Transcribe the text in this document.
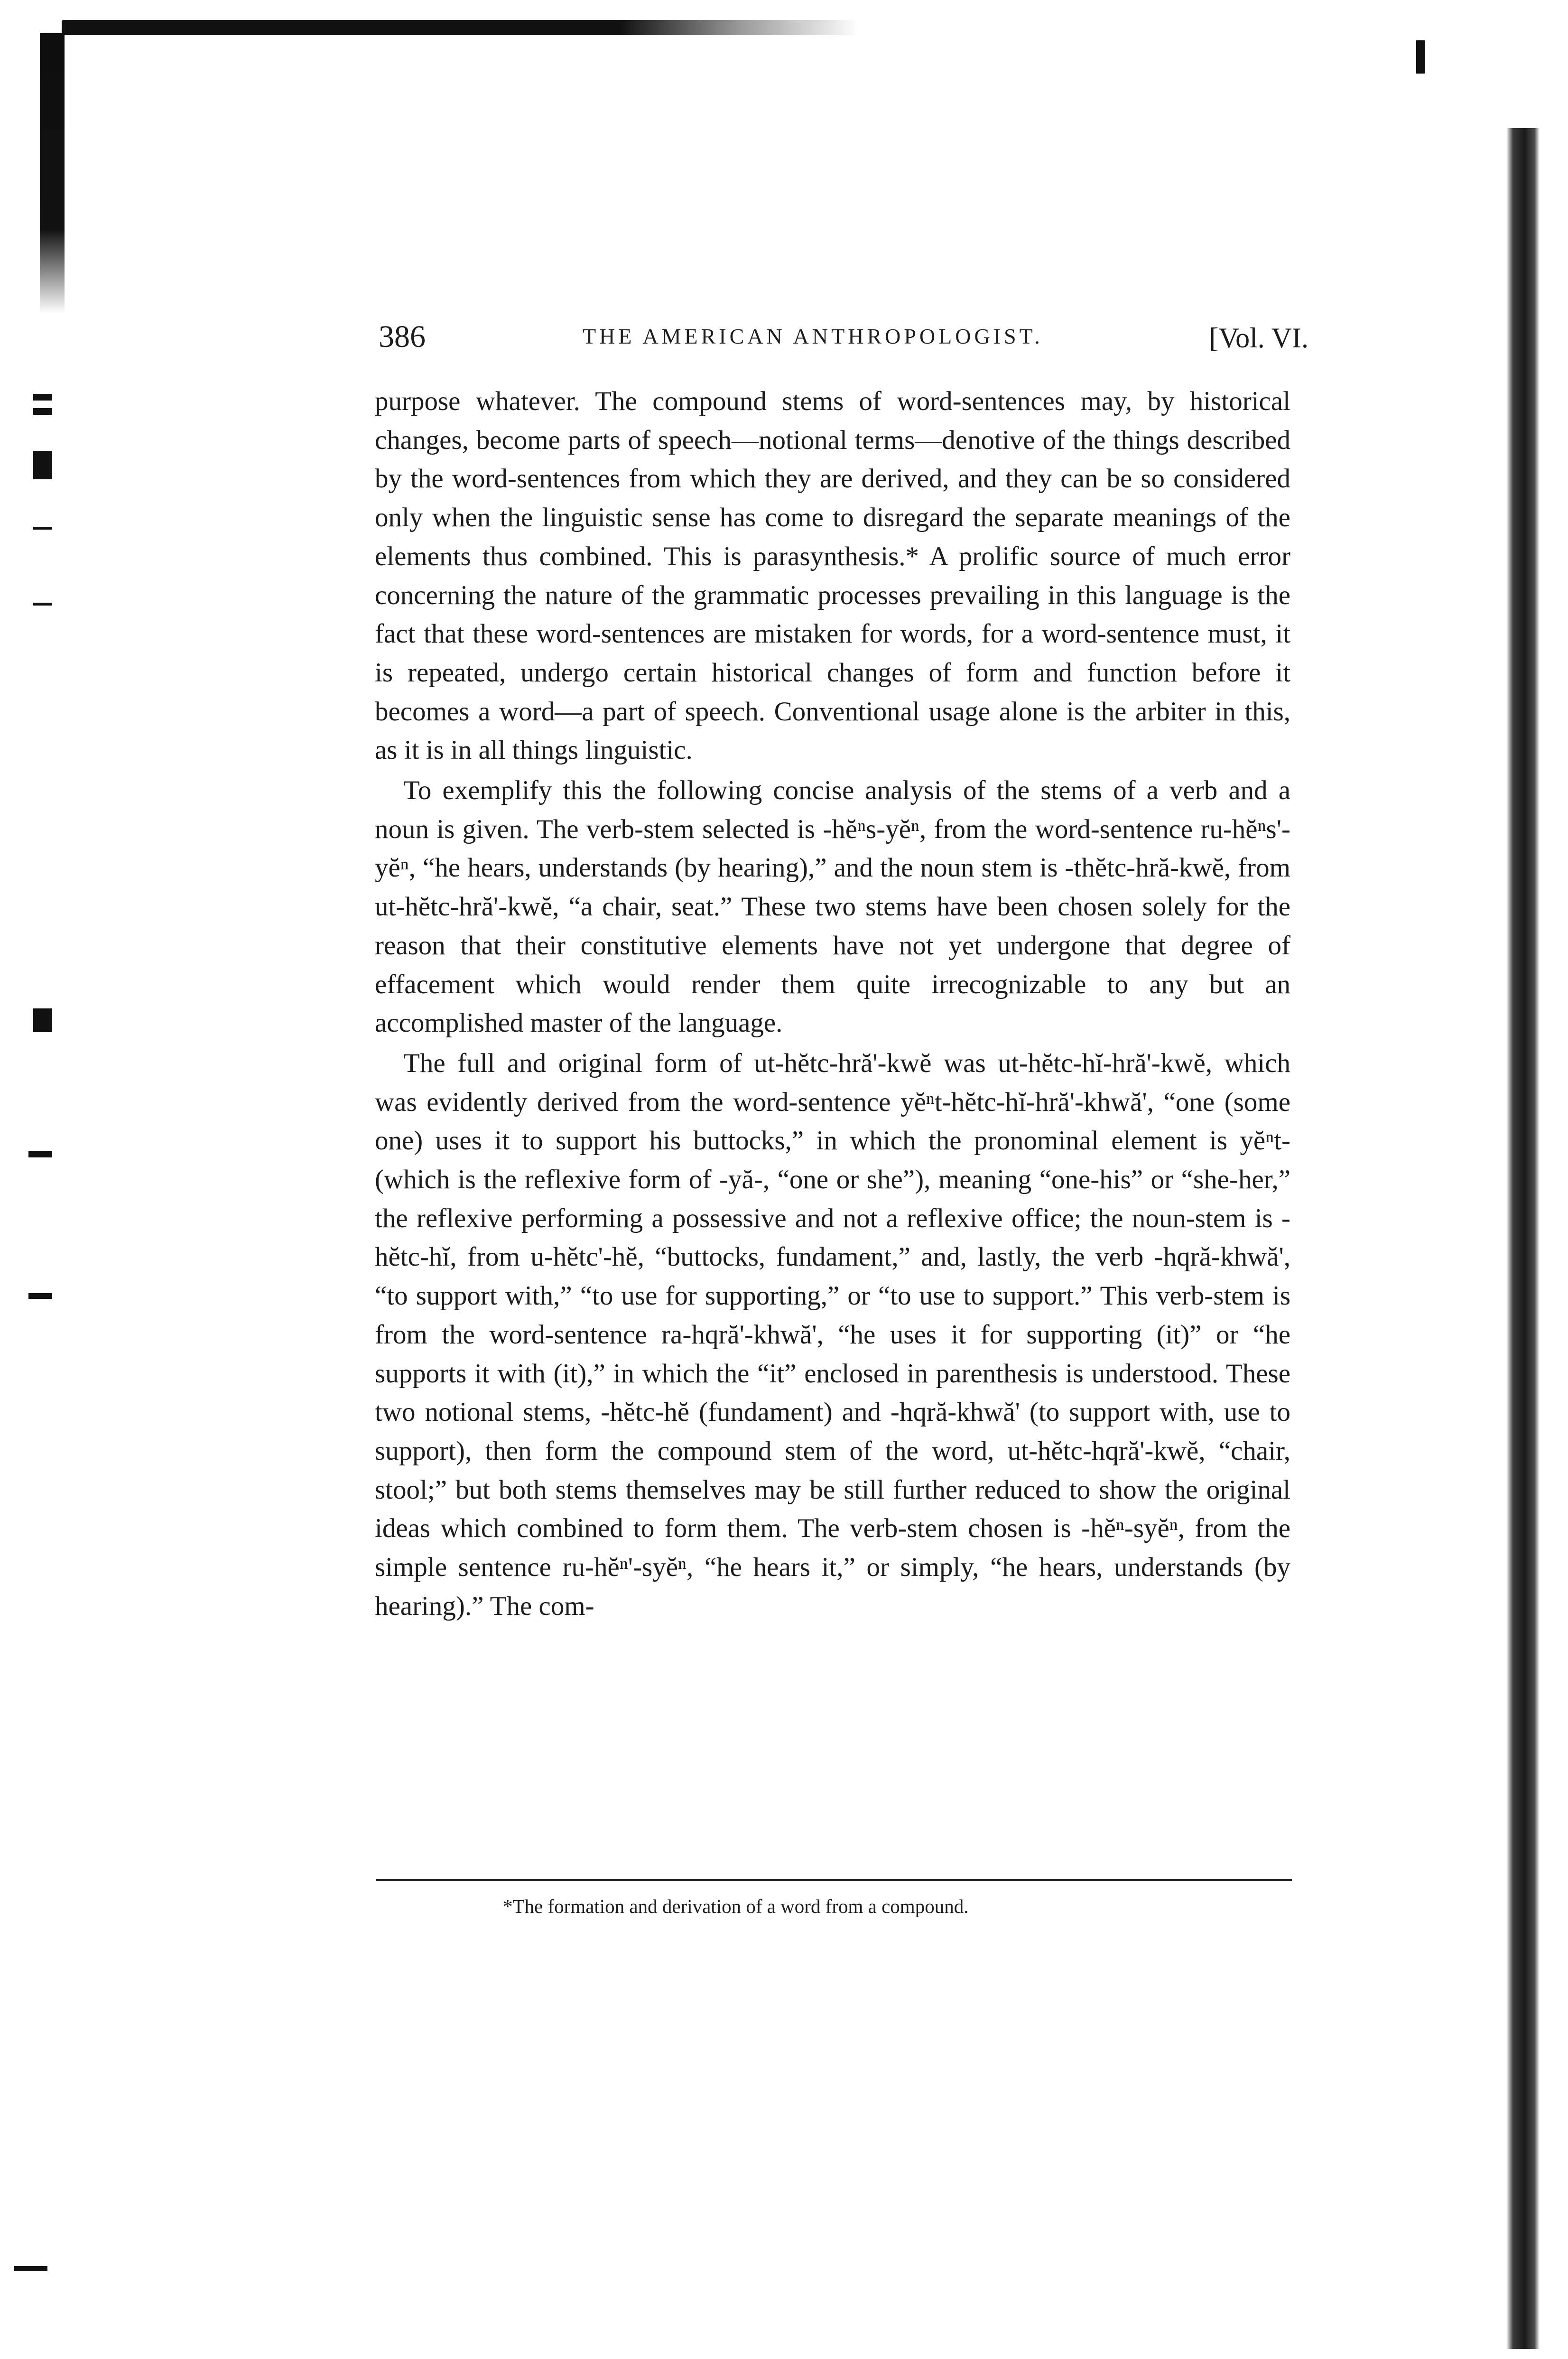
386	THE AMERICAN ANTHROPOLOGIST.	[Vol. VI.

purpose whatever. The compound stems of word-sentences may, by historical changes, become parts of speech—notional terms—denotive of the things described by the word-sentences from which they are derived, and they can be so considered only when the linguistic sense has come to disregard the separate meanings of the elements thus combined. This is parasynthesis.* A prolific source of much error concerning the nature of the grammatic processes prevailing in this language is the fact that these word-sentences are mistaken for words, for a word-sentence must, it is repeated, undergo certain historical changes of form and function before it becomes a word—a part of speech. Conventional usage alone is the arbiter in this, as it is in all things linguistic.

To exemplify this the following concise analysis of the stems of a verb and a noun is given. The verb-stem selected is -hĕⁿs-yĕⁿ, from the word-sentence ru-hĕⁿs'-yĕⁿ, “he hears, understands (by hearing),” and the noun stem is -thĕtc-hră-kwĕ, from ut-hĕtc-hră'-kwĕ, “a chair, seat.” These two stems have been chosen solely for the reason that their constitutive elements have not yet undergone that degree of effacement which would render them quite irrecognizable to any but an accomplished master of the language.

The full and original form of ut-hĕtc-hră'-kwĕ was ut-hĕtc-hĭ-hră'-kwĕ, which was evidently derived from the word-sentence yĕⁿt-hĕtc-hĭ-hră'-khwă', “one (some one) uses it to support his buttocks,” in which the pronominal element is yĕⁿt- (which is the reflexive form of -yă-, “one or she”), meaning “one-his” or “she-her,” the reflexive performing a possessive and not a reflexive office; the noun-stem is -hĕtc-hĭ, from u-hĕtc'-hĕ, “buttocks, fundament,” and, lastly, the verb -hqră-khwă', “to support with,” “to use for supporting,” or “to use to support.” This verb-stem is from the word-sentence ra-hqră'-khwă', “he uses it for supporting (it)” or “he supports it with (it),” in which the “it” enclosed in parenthesis is understood. These two notional stems, -hĕtc-hĕ (fundament) and -hqră-khwă' (to support with, use to support), then form the compound stem of the word, ut-hĕtc-hqră'-kwĕ, “chair, stool;” but both stems themselves may be still further reduced to show the original ideas which combined to form them. The verb-stem chosen is -hĕⁿ-syĕⁿ, from the simple sentence ru-hĕⁿ'-syĕⁿ, “he hears it,” or simply, “he hears, understands (by hearing).” The com-

*The formation and derivation of a word from a compound.
